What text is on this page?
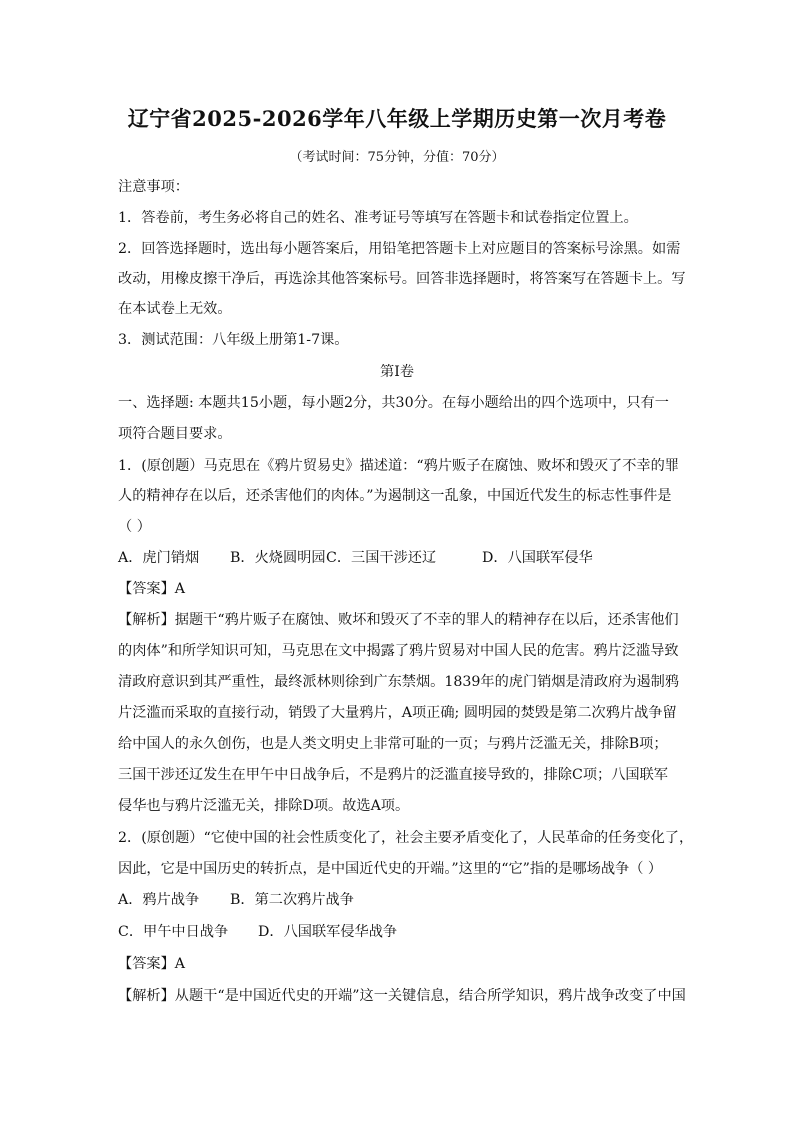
辽宁省2025-2026学年八年级上学期历史第一次月考卷
（考试时间：75分钟，分值：70分）
注意事项：
1．答卷前，考生务必将自己的姓名、准考证号等填写在答题卡和试卷指定位置上。
2．回答选择题时，选出每小题答案后，用铅笔把答题卡上对应题目的答案标号涂黑。如需
改动，用橡皮擦干净后，再选涂其他答案标号。回答非选择题时，将答案写在答题卡上。写
在本试卷上无效。
3．测试范围：八年级上册第1-7课。
第I卷
一、选择题: 本题共15小题，每小题2分，共30分。在每小题给出的四个选项中，只有一
项符合题目要求。
1．(原创题）马克思在《鸦片贸易史》描述道：“鸦片贩子在腐蚀、败坏和毁灭了不幸的罪
人的精神存在以后，还杀害他们的肉体。”为遏制这一乱象，中国近代发生的标志性事件是
（ ）
A．虎门销烟 B．火烧圆明园C．三国干涉还辽	D．八国联军侵华
【答案】A
【解析】据题干“鸦片贩子在腐蚀、败坏和毁灭了不幸的罪人的精神存在以后，还杀害他们
的肉体”和所学知识可知，马克思在文中揭露了鸦片贸易对中国人民的危害。鸦片泛滥导致
清政府意识到其严重性，最终派林则徐到广东禁烟。1839年的虎门销烟是清政府为遏制鸦
片泛滥而采取的直接行动，销毁了大量鸦片，A项正确; 圆明园的焚毁是第二次鸦片战争留
给中国人的永久创伤，也是人类文明史上非常可耻的一页；与鸦片泛滥无关，排除B项；
三国干涉还辽发生在甲午中日战争后，不是鸦片的泛滥直接导致的，排除C项；八国联军
侵华也与鸦片泛滥无关，排除D项。故选A项。
2．(原创题）“它使中国的社会性质变化了，社会主要矛盾变化了，人民革命的任务变化了，
因此，它是中国历史的转折点，是中国近代史的开端。”这里的“它”指的是哪场战争（ ）
A．鸦片战争 B．第二次鸦片战争
C．甲午中日战争 D．八国联军侵华战争
【答案】A
【解析】从题干“是中国近代史的开端”这一关键信息，结合所学知识，鸦片战争改变了中国
